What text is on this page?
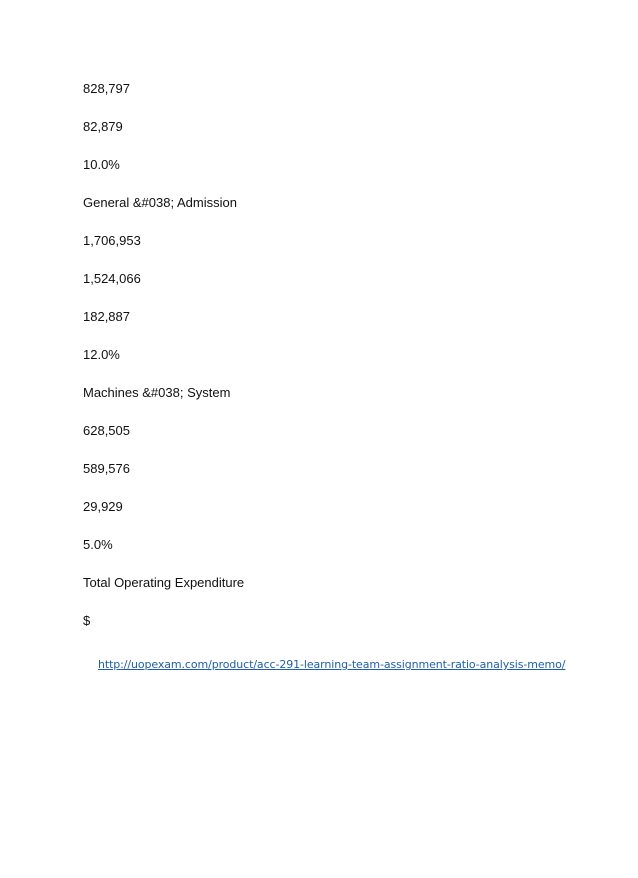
828,797
82,879
10.0%
General &#038; Admission
1,706,953
1,524,066
182,887
12.0%
Machines &#038; System
628,505
589,576
29,929
5.0%
Total Operating Expenditure
$
http://uopexam.com/product/acc-291-learning-team-assignment-ratio-analysis-memo/
